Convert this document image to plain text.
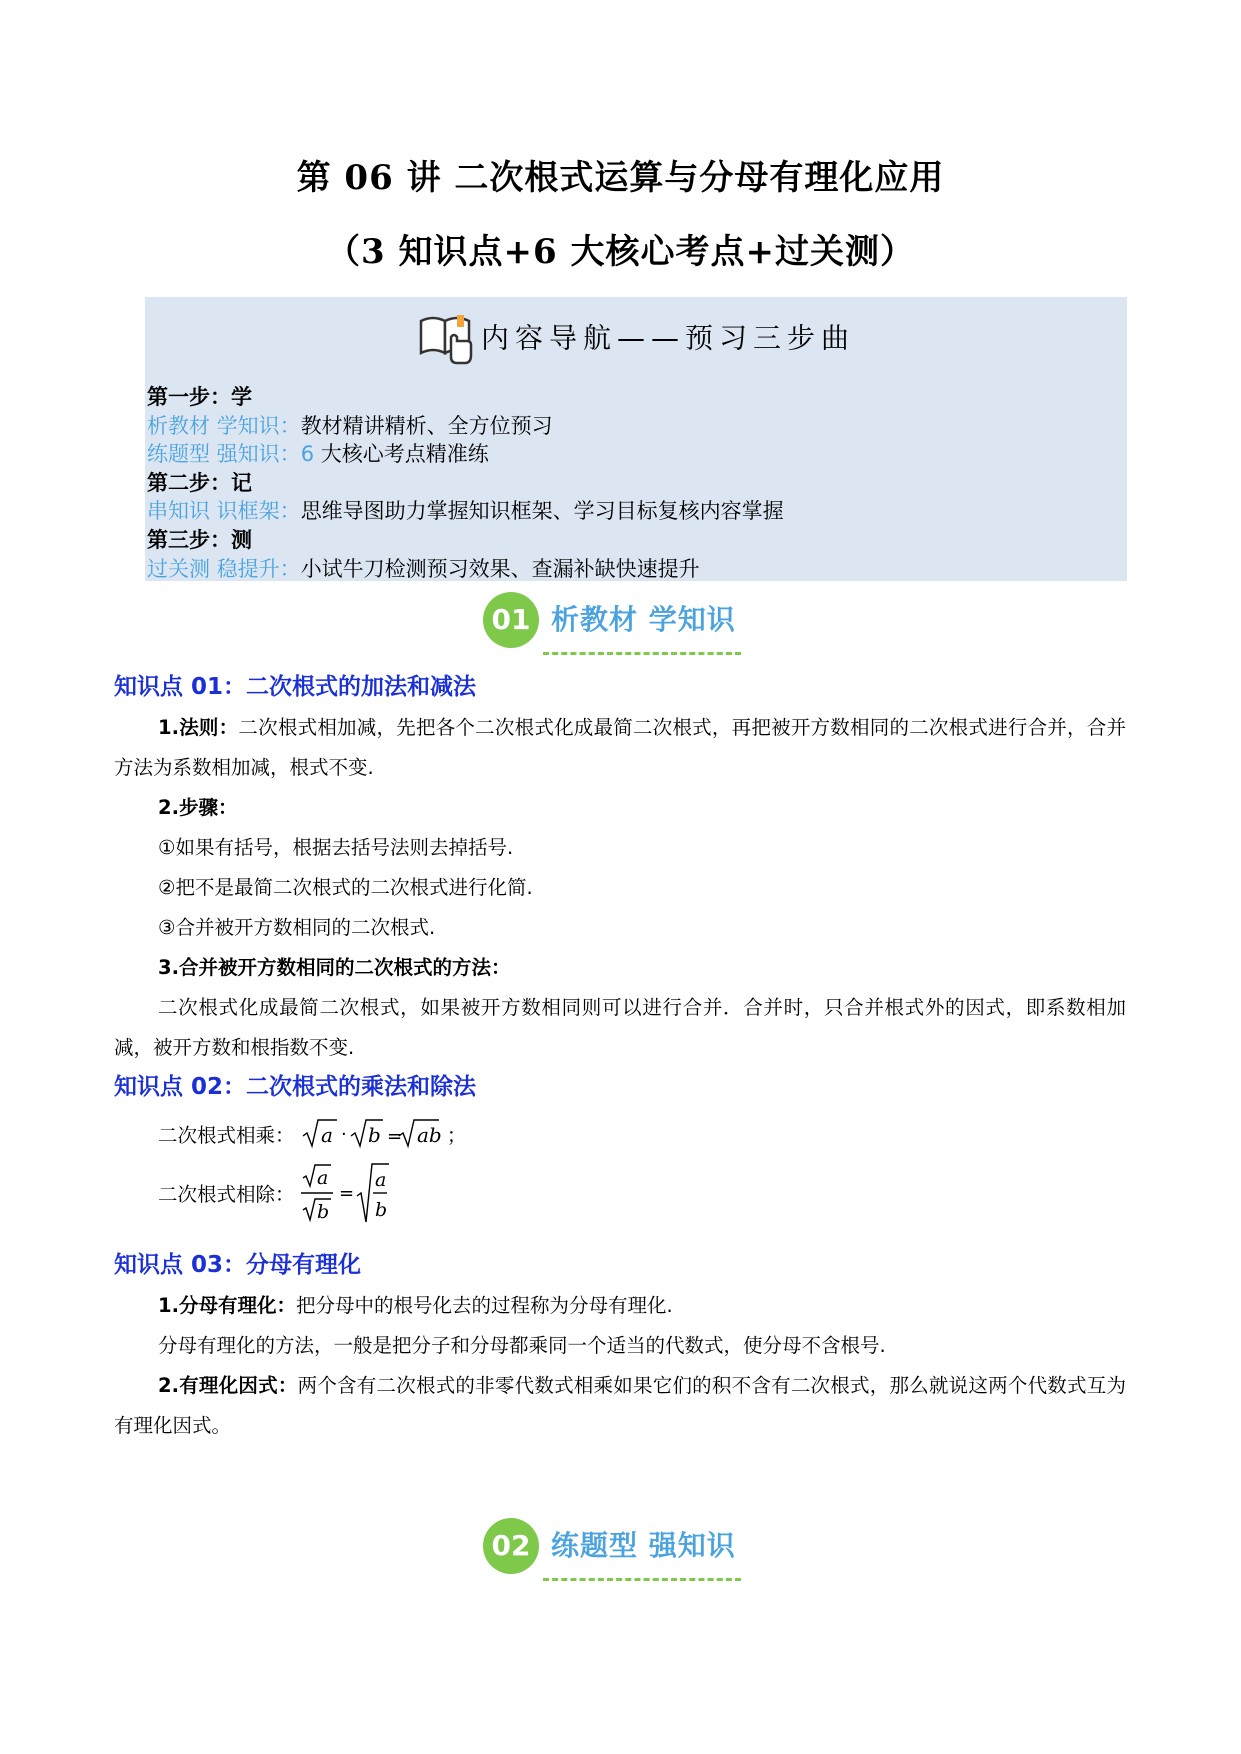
第 06 讲 二次根式运算与分母有理化应用
（3 知识点+6 大核心考点+过关测）
内容导航——预习三步曲
第一步：学
析教材 学知识：教材精讲精析、全方位预习
练题型 强知识：6 大核心考点精准练
第二步：记
串知识 识框架：思维导图助力掌握知识框架、学习目标复核内容掌握
第三步：测
过关测 稳提升：小试牛刀检测预习效果、查漏补缺快速提升
01 析教材 学知识
知识点 01：二次根式的加法和减法
1.法则：二次根式相加减，先把各个二次根式化成最简二次根式，再把被开方数相同的二次根式进行合并，合并方法为系数相加减，根式不变.
2.步骤：
①如果有括号，根据去括号法则去掉括号.
②把不是最简二次根式的二次根式进行化简.
③合并被开方数相同的二次根式.
3.合并被开方数相同的二次根式的方法：
二次根式化成最简二次根式，如果被开方数相同则可以进行合并．合并时，只合并根式外的因式，即系数相加减，被开方数和根指数不变.
知识点 02：二次根式的乘法和除法
二次根式相乘： a b ab
· = ；
二次根式相除：
a
b
a
b
=
知识点 03：分母有理化
1.分母有理化：把分母中的根号化去的过程称为分母有理化.
分母有理化的方法，一般是把分子和分母都乘同一个适当的代数式，使分母不含根号.
2.有理化因式：两个含有二次根式的非零代数式相乘如果它们的积不含有二次根式，那么就说这两个代数式互为有理化因式。
02 练题型 强知识
